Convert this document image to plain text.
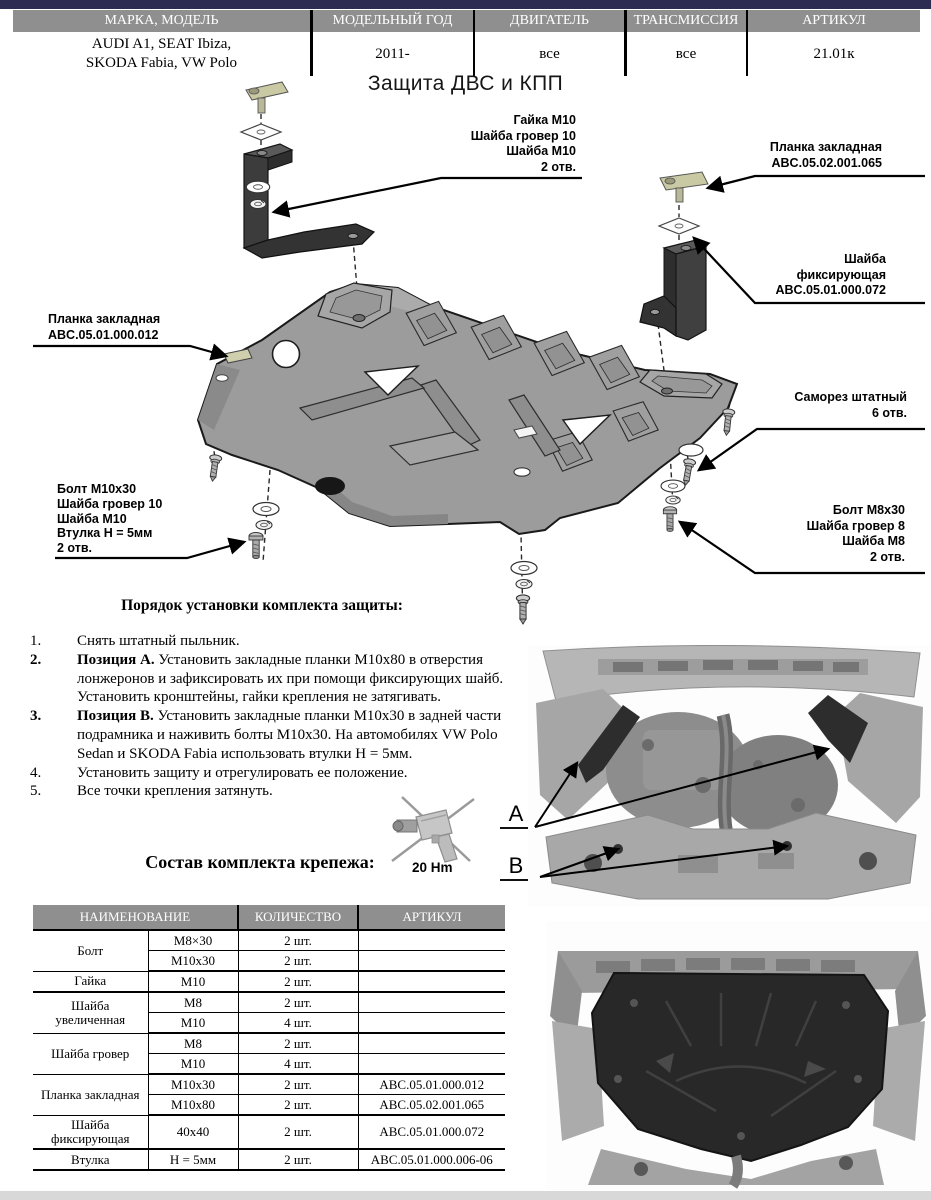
МАРКА, МОДЕЛЬ	МОДЕЛЬНЫЙ ГОД	ДВИГАТЕЛЬ	ТРАНСМИССИЯ	АРТИКУЛ
AUDI A1, SEAT Ibiza,
SKODA Fabia, VW Polo
2011-	все	все	21.01к
Защита ДВС и КПП
Гайка М10
Шайба гровер 10
Шайба М10
2 отв.
Планка закладная
ABC.05.02.001.065
Шайба
фиксирующая
ABC.05.01.000.072
Планка закладная
ABC.05.01.000.012
Саморез штатный
6 отв.
Болт М8х30
Шайба гровер 8
Шайба М8
2 отв.
Болт М10х30
Шайба гровер 10
Шайба М10
Втулка Н = 5мм
2 отв.
Порядок установки комплекта защиты:
1.	Снять штатный пыльник.
2.	Позиция А. Установить закладные планки М10х80 в отверстия лонжеронов и зафиксировать их при помощи фиксирующих шайб. Установить кронштейны, гайки крепления не затягивать.
3.	Позиция В. Установить закладные планки М10х30 в задней части подрамника и наживить болты М10х30. На автомобилях VW Polo Sedan и SKODA Fabia использовать втулки Н = 5мм.
4.	Установить защиту и отрегулировать ее положение.
5.	Все точки крепления затянуть.
Состав комплекта крепежа:	20 Hm
A
B
НАИМЕНОВАНИЕ		КОЛИЧЕСТВО	АРТИКУЛ
Болт	М8×30	2 шт.	
	М10х30	2 шт.	
Гайка	М10	2 шт.	
Шайба увеличенная	М8	2 шт.	
	М10	4 шт.	
Шайба гровер	М8	2 шт.	
	М10	4 шт.	
Планка закладная	М10х30	2 шт.	ABC.05.01.000.012
	М10х80	2 шт.	ABC.05.02.001.065
Шайба фиксирующая	40х40	2 шт.	ABC.05.01.000.072
Втулка	Н = 5мм	2 шт.	ABC.05.01.000.006-06
